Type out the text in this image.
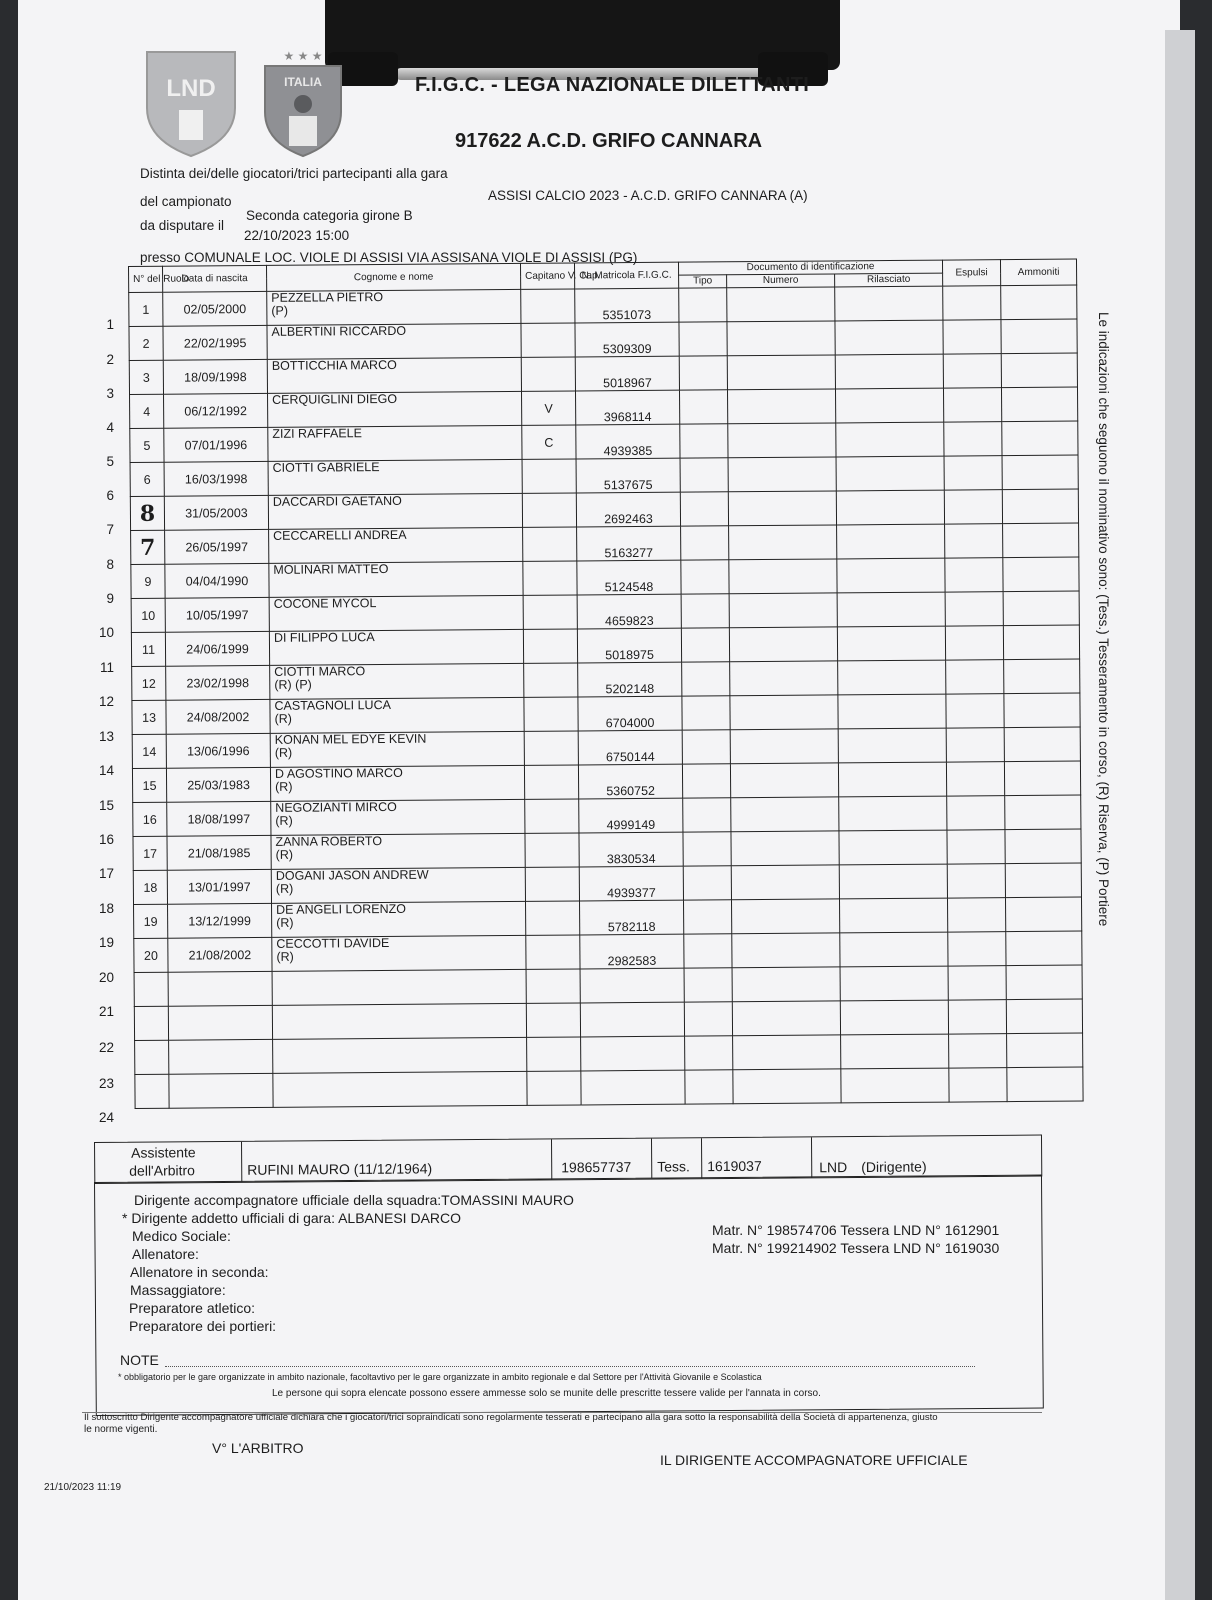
LND
★ ★ ★
ITALIA	F.I.G.C. - LEGA NAZIONALE DILETTANTI
917622 A.C.D. GRIFO CANNARA
Distinta dei/delle giocatori/trici partecipanti alla gara
ASSISI CALCIO 2023 - A.C.D. GRIFO CANNARA (A)
del campionato
Seconda categoria girone B
da disputare il
22/10/2023 15:00
presso COMUNALE LOC. VIOLE DI ASSISI VIA ASSISANA VIOLE DI ASSISI (PG)
1
2
3
4
5
6
7
8
9
10
11
12
13
14
15
16
17
18
19
20
21
22
23
24
N° del Ruolo	Data di nascita	Cognome e nome	Capitano V. Cap.	N. Matricola F.I.G.C.	Documento di identificazione			Espulsi	Ammoniti
					Tipo	Numero	Rilasciato		
1	02/05/2000	PEZZELLA PIETRO
(P)		5351073					
2	22/02/1995	ALBERTINI RICCARDO		5309309					
3	18/09/1998	BOTTICCHIA MARCO		5018967					
4	06/12/1992	CERQUIGLINI DIEGO	V	3968114					
5	07/01/1996	ZIZI RAFFAELE	C	4939385					
6	16/03/1998	CIOTTI GABRIELE		5137675					
8	31/05/2003	DACCARDI GAETANO		2692463					
7	26/05/1997	CECCARELLI ANDREA		5163277					
9	04/04/1990	MOLINARI MATTEO		5124548					
10	10/05/1997	COCONE MYCOL		4659823					
11	24/06/1999	DI FILIPPO LUCA		5018975					
12	23/02/1998	CIOTTI MARCO
(R) (P)		5202148					
13	24/08/2002	CASTAGNOLI LUCA
(R)		6704000					
14	13/06/1996	KONAN MEL EDYE KEVIN
(R)		6750144					
15	25/03/1983	D AGOSTINO MARCO
(R)		5360752					
16	18/08/1997	NEGOZIANTI MIRCO
(R)		4999149					
17	21/08/1985	ZANNA ROBERTO
(R)		3830534					
18	13/01/1997	DOGANI JASON ANDREW
(R)		4939377					
19	13/12/1999	DE ANGELI LORENZO
(R)		5782118					
20	21/08/2002	CECCOTTI DAVIDE
(R)		2982583					

Le indicazioni che seguono il nominativo sono: (Tess.) Tesseramento in corso, (R) Riserva, (P) Portiere
Assistente
dell'Arbitro	RUFINI MAURO (11/12/1964)	198657737 Tess. 1619037	LND (Dirigente)
Dirigente accompagnatore ufficiale della squadra:TOMASSINI MAURO
* Dirigente addetto ufficiali di gara: ALBANESI DARCO
Medico Sociale:
Allenatore:
Allenatore in seconda:
Massaggiatore:
Preparatore atletico:
Preparatore dei portieri:
Matr. N° 198574706 Tessera LND N° 1612901
Matr. N° 199214902 Tessera LND N° 1619030
NOTE
* obbligatorio per le gare organizzate in ambito nazionale, facoltavtivo per le gare organizzate in ambito regionale e dal Settore per l'Attività Giovanile e Scolastica
Le persone qui sopra elencate possono essere ammesse solo se munite delle prescritte tessere valide per l'annata in corso.
Il sottoscritto Dirigente accompagnatore ufficiale dichiara che i giocatori/trici sopraindicati sono regolarmente tesserati e partecipano alla gara sotto la responsabilità della Società di appartenenza, giusto
le norme vigenti.
V° L'ARBITRO
IL DIRIGENTE ACCOMPAGNATORE UFFICIALE
21/10/2023 11:19
